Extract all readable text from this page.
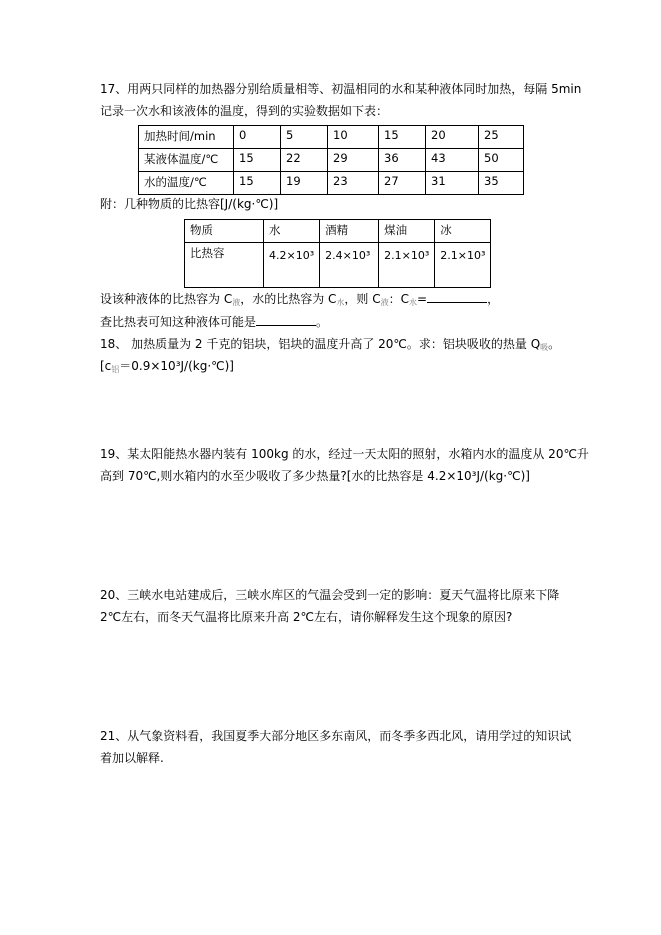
17、用两只同样的加热器分别给质量相等、初温相同的水和某种液体同时加热，每隔 5min
记录一次水和该液体的温度，得到的实验数据如下表：
加热时间/min	0	5	10	15	20	25
某液体温度/℃	15	22	29	36	43	50
水的温度/℃	15	19	23	27	31	35
附：几种物质的比热容[J/(kg·℃)]
物质	水	酒精	煤油	冰
比热容	4.2×10³	2.4×10³	2.1×10³	2.1×10³
设该种液体的比热容为 $C_液$，水的比热容为 $C_水$，则 $C_液$：$C_水=$	，
查比热表可知这种液体可能是	。
18、 加热质量为 2 千克的铝块，铝块的温度升高了 20℃。求：铝块吸收的热量 $Q_吸$。
$[c_铝=0.9\times 10^3J/(kg\cdot℃)]$
19、某太阳能热水器内装有 100kg 的水，经过一天太阳的照射，水箱内水的温度从 20℃升
高到 70℃,则水箱内的水至少吸收了多少热量?[水的比热容是 4.2×10³J/(kg·℃)]
20、三峡水电站建成后，三峡水库区的气温会受到一定的影响：夏天气温将比原来下降
2℃左右，而冬天气温将比原来升高 2℃左右，请你解释发生这个现象的原因?
21、从气象资料看，我国夏季大部分地区多东南风，而冬季多西北风，请用学过的知识试
着加以解释.
